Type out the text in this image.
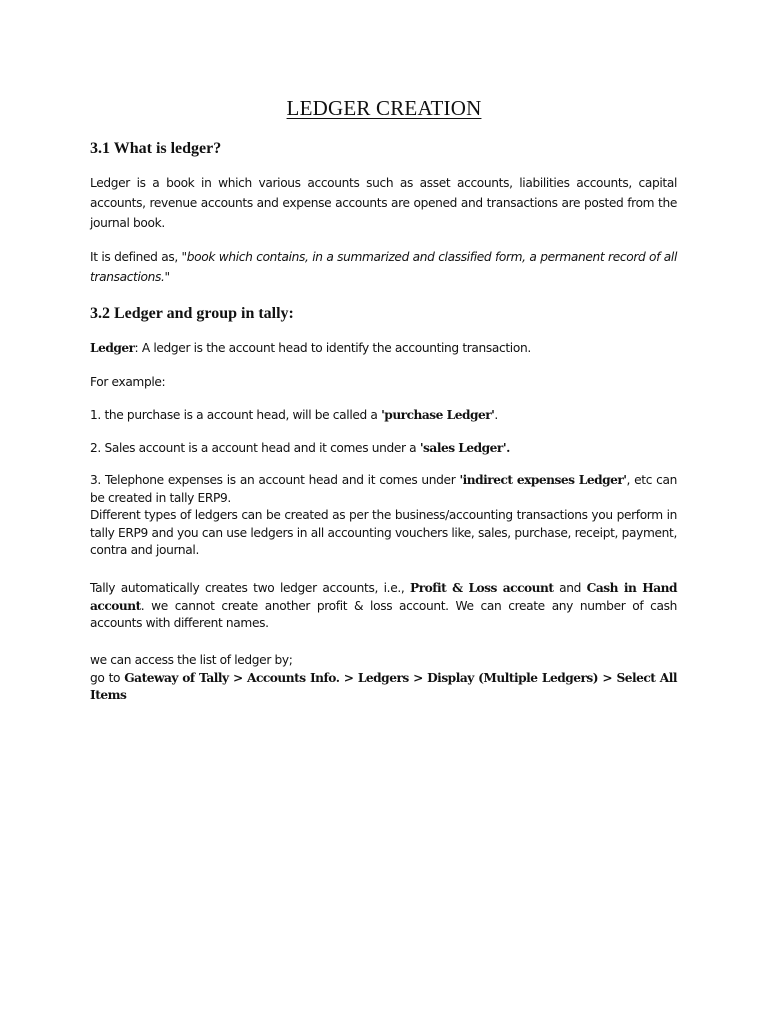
LEDGER CREATION
3.1 What is ledger?
Ledger is a book in which various accounts such as asset accounts, liabilities accounts, capital accounts, revenue accounts and expense accounts are opened and transactions are posted from the journal book.
It is defined as, "book which contains, in a summarized and classified form, a permanent record of all transactions."
3.2 Ledger and group in tally:
Ledger: A ledger is the account head to identify the accounting transaction.
For example:
1. the purchase is a account head, will be called a 'purchase Ledger'.
2. Sales account is a account head and it comes under a 'sales Ledger'.
3. Telephone expenses is an account head and it comes under 'indirect expenses Ledger', etc can be created in tally ERP9.
Different types of ledgers can be created as per the business/accounting transactions you perform in tally ERP9 and you can use ledgers in all accounting vouchers like, sales, purchase, receipt, payment, contra and journal.
Tally automatically creates two ledger accounts, i.e., Profit & Loss account and Cash in Hand account. we cannot create another profit & loss account. We can create any number of cash accounts with different names.
we can access the list of ledger by;
go to Gateway of Tally > Accounts Info. > Ledgers > Display (Multiple Ledgers) > Select All Items
